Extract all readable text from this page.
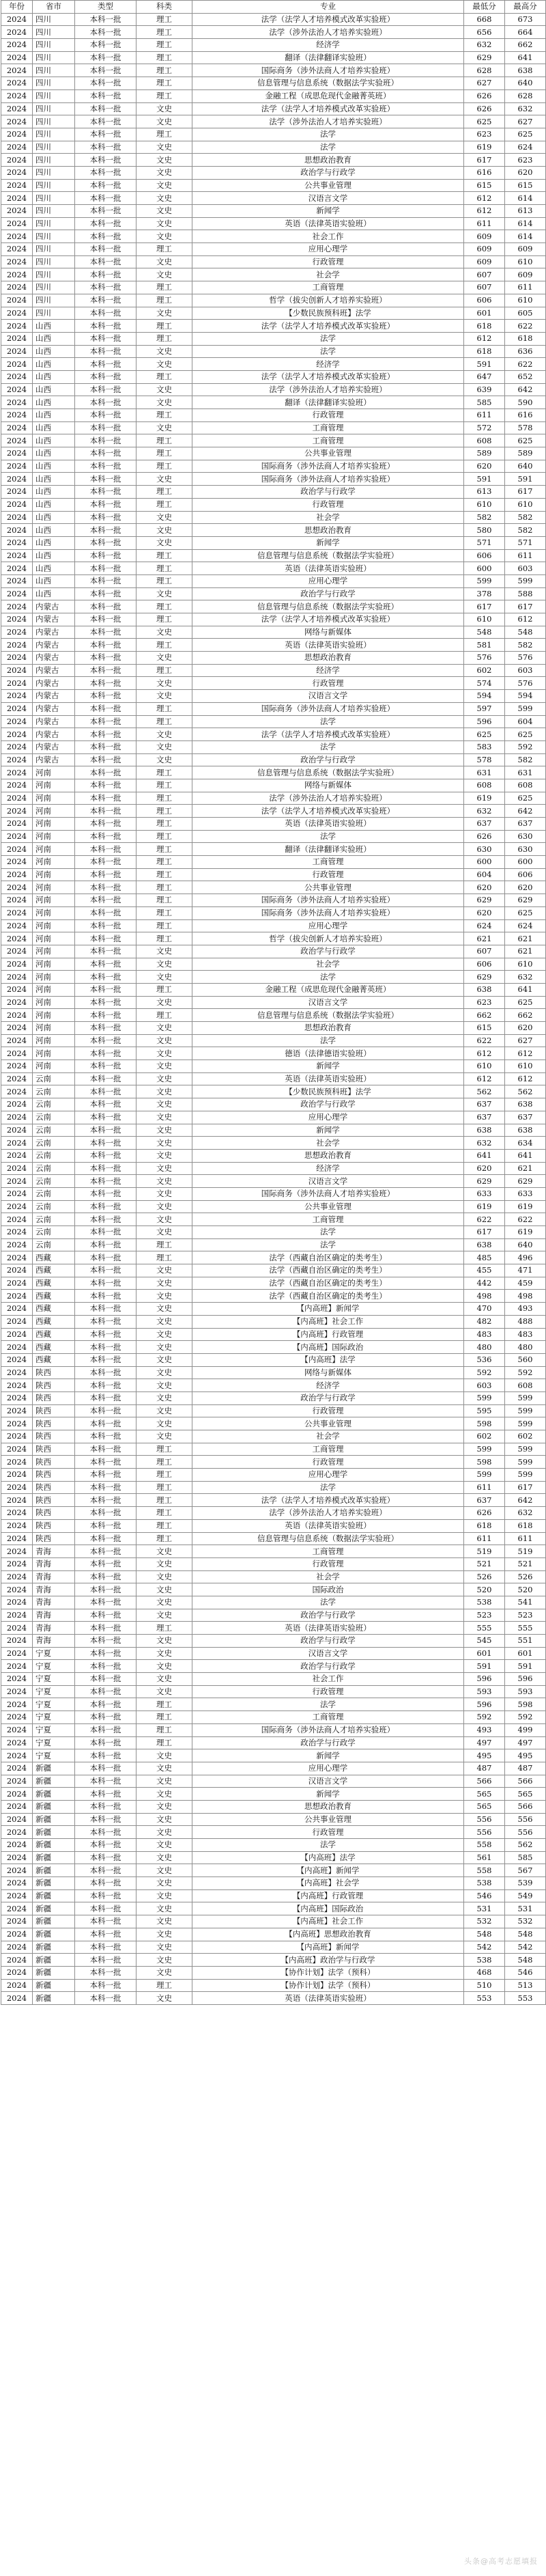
年份	省市	类型	科类	专业	最低分	最高分
2024	四川	本科一批	理工	法学（法学人才培养模式改革实验班）	668	673
2024	四川	本科一批	理工	法学（涉外法治人才培养实验班）	656	664
2024	四川	本科一批	理工	经济学	632	662
2024	四川	本科一批	理工	翻译（法律翻译实验班）	629	641
2024	四川	本科一批	理工	国际商务（涉外法商人才培养实验班）	628	638
2024	四川	本科一批	理工	信息管理与信息系统（数据法学实验班）	627	640
2024	四川	本科一批	理工	金融工程（成思危现代金融菁英班）	626	628
2024	四川	本科一批	文史	法学（法学人才培养模式改革实验班）	626	632
2024	四川	本科一批	文史	法学（涉外法治人才培养实验班）	625	627
2024	四川	本科一批	理工	法学	623	625
2024	四川	本科一批	文史	法学	619	624
2024	四川	本科一批	文史	思想政治教育	617	623
2024	四川	本科一批	文史	政治学与行政学	616	620
2024	四川	本科一批	文史	公共事业管理	615	615
2024	四川	本科一批	文史	汉语言文学	612	614
2024	四川	本科一批	文史	新闻学	612	613
2024	四川	本科一批	文史	英语（法律英语实验班）	611	614
2024	四川	本科一批	文史	社会工作	609	614
2024	四川	本科一批	理工	应用心理学	609	609
2024	四川	本科一批	文史	行政管理	609	610
2024	四川	本科一批	文史	社会学	607	609
2024	四川	本科一批	理工	工商管理	607	611
2024	四川	本科一批	理工	哲学（拔尖创新人才培养实验班）	606	610
2024	四川	本科一批	文史	【少数民族预科班】法学	601	605
2024	山西	本科一批	理工	法学（法学人才培养模式改革实验班）	618	622
2024	山西	本科一批	理工	法学	612	618
2024	山西	本科一批	文史	法学	618	636
2024	山西	本科一批	文史	经济学	591	622
2024	山西	本科一批	理工	法学（法学人才培养模式改革实验班）	647	652
2024	山西	本科一批	文史	法学（涉外法治人才培养实验班）	639	642
2024	山西	本科一批	文史	翻译（法律翻译实验班）	585	590
2024	山西	本科一批	理工	行政管理	611	616
2024	山西	本科一批	文史	工商管理	572	578
2024	山西	本科一批	理工	工商管理	608	625
2024	山西	本科一批	理工	公共事业管理	589	589
2024	山西	本科一批	理工	国际商务（涉外法商人才培养实验班）	620	640
2024	山西	本科一批	文史	国际商务（涉外法商人才培养实验班）	591	591
2024	山西	本科一批	理工	政治学与行政学	613	617
2024	山西	本科一批	理工	行政管理	610	610
2024	山西	本科一批	文史	社会学	582	582
2024	山西	本科一批	文史	思想政治教育	580	582
2024	山西	本科一批	文史	新闻学	571	571
2024	山西	本科一批	理工	信息管理与信息系统（数据法学实验班）	606	611
2024	山西	本科一批	理工	英语（法律英语实验班）	600	603
2024	山西	本科一批	理工	应用心理学	599	599
2024	山西	本科一批	文史	政治学与行政学	378	588
2024	内蒙古	本科一批	理工	信息管理与信息系统（数据法学实验班）	617	617
2024	内蒙古	本科一批	理工	法学（法学人才培养模式改革实验班）	610	612
2024	内蒙古	本科一批	文史	网络与新媒体	548	548
2024	内蒙古	本科一批	理工	英语（法律英语实验班）	581	582
2024	内蒙古	本科一批	文史	思想政治教育	576	576
2024	内蒙古	本科一批	理工	经济学	602	603
2024	内蒙古	本科一批	文史	行政管理	574	576
2024	内蒙古	本科一批	文史	汉语言文学	594	594
2024	内蒙古	本科一批	理工	国际商务（涉外法商人才培养实验班）	597	599
2024	内蒙古	本科一批	理工	法学	596	604
2024	内蒙古	本科一批	文史	法学（法学人才培养模式改革实验班）	625	625
2024	内蒙古	本科一批	文史	法学	583	592
2024	内蒙古	本科一批	文史	政治学与行政学	578	582
2024	河南	本科一批	理工	信息管理与信息系统（数据法学实验班）	631	631
2024	河南	本科一批	理工	网络与新媒体	608	608
2024	河南	本科一批	理工	法学（涉外法治人才培养实验班）	619	625
2024	河南	本科一批	理工	法学（法学人才培养模式改革实验班）	632	642
2024	河南	本科一批	理工	英语（法律英语实验班）	637	637
2024	河南	本科一批	理工	法学	626	630
2024	河南	本科一批	理工	翻译（法律翻译实验班）	630	630
2024	河南	本科一批	理工	工商管理	600	600
2024	河南	本科一批	理工	行政管理	604	606
2024	河南	本科一批	理工	公共事业管理	620	620
2024	河南	本科一批	理工	国际商务（涉外法商人才培养实验班）	629	629
2024	河南	本科一批	理工	国际商务（涉外法商人才培养实验班）	620	625
2024	河南	本科一批	理工	应用心理学	624	624
2024	河南	本科一批	理工	哲学（拔尖创新人才培养实验班）	621	621
2024	河南	本科一批	文史	政治学与行政学	607	621
2024	河南	本科一批	文史	社会学	606	610
2024	河南	本科一批	文史	法学	629	632
2024	河南	本科一批	理工	金融工程（成思危现代金融菁英班）	638	641
2024	河南	本科一批	文史	汉语言文学	623	625
2024	河南	本科一批	理工	信息管理与信息系统（数据法学实验班）	662	662
2024	河南	本科一批	文史	思想政治教育	615	620
2024	河南	本科一批	文史	法学	622	627
2024	河南	本科一批	文史	德语（法律德语实验班）	612	612
2024	河南	本科一批	文史	新闻学	610	610
2024	云南	本科一批	文史	英语（法律英语实验班）	612	612
2024	云南	本科一批	文史	【少数民族预科班】法学	562	562
2024	云南	本科一批	文史	政治学与行政学	637	638
2024	云南	本科一批	文史	应用心理学	637	637
2024	云南	本科一批	文史	新闻学	638	638
2024	云南	本科一批	文史	社会学	632	634
2024	云南	本科一批	文史	思想政治教育	641	641
2024	云南	本科一批	文史	经济学	620	621
2024	云南	本科一批	文史	汉语言文学	629	629
2024	云南	本科一批	文史	国际商务（涉外法商人才培养实验班）	633	633
2024	云南	本科一批	文史	公共事业管理	619	619
2024	云南	本科一批	文史	工商管理	622	622
2024	云南	本科一批	文史	法学	617	619
2024	云南	本科一批	理工	法学	638	640
2024	西藏	本科一批	理工	法学（西藏自治区确定的类考生）	485	496
2024	西藏	本科一批	文史	法学（西藏自治区确定的类考生）	455	471
2024	西藏	本科一批	文史	法学（西藏自治区确定的类考生）	442	459
2024	西藏	本科一批	文史	法学（西藏自治区确定的类考生）	498	498
2024	西藏	本科一批	文史	【内高班】新闻学	470	493
2024	西藏	本科一批	文史	【内高班】社会工作	482	488
2024	西藏	本科一批	文史	【内高班】行政管理	483	483
2024	西藏	本科一批	文史	【内高班】国际政治	480	480
2024	西藏	本科一批	文史	【内高班】法学	536	560
2024	陕西	本科一批	文史	网络与新媒体	592	592
2024	陕西	本科一批	文史	经济学	603	608
2024	陕西	本科一批	文史	政治学与行政学	599	599
2024	陕西	本科一批	文史	行政管理	595	599
2024	陕西	本科一批	文史	公共事业管理	598	599
2024	陕西	本科一批	文史	社会学	602	602
2024	陕西	本科一批	理工	工商管理	599	599
2024	陕西	本科一批	理工	行政管理	598	599
2024	陕西	本科一批	理工	应用心理学	599	599
2024	陕西	本科一批	理工	法学	611	617
2024	陕西	本科一批	理工	法学（法学人才培养模式改革实验班）	637	642
2024	陕西	本科一批	理工	法学（涉外法治人才培养实验班）	626	632
2024	陕西	本科一批	理工	英语（法律英语实验班）	618	618
2024	陕西	本科一批	理工	信息管理与信息系统（数据法学实验班）	611	611
2024	青海	本科一批	文史	工商管理	519	519
2024	青海	本科一批	文史	行政管理	521	521
2024	青海	本科一批	文史	社会学	526	526
2024	青海	本科一批	文史	国际政治	520	520
2024	青海	本科一批	文史	法学	538	541
2024	青海	本科一批	文史	政治学与行政学	523	523
2024	青海	本科一批	理工	英语（法律英语实验班）	555	555
2024	青海	本科一批	文史	政治学与行政学	545	551
2024	宁夏	本科一批	文史	汉语言文学	601	601
2024	宁夏	本科一批	文史	政治学与行政学	591	591
2024	宁夏	本科一批	文史	社会工作	596	596
2024	宁夏	本科一批	文史	行政管理	593	593
2024	宁夏	本科一批	理工	法学	596	598
2024	宁夏	本科一批	理工	工商管理	592	592
2024	宁夏	本科一批	理工	国际商务（涉外法商人才培养实验班）	493	499
2024	宁夏	本科一批	理工	政治学与行政学	497	497
2024	宁夏	本科一批	文史	新闻学	495	495
2024	新疆	本科一批	文史	应用心理学	487	487
2024	新疆	本科一批	文史	汉语言文学	566	566
2024	新疆	本科一批	文史	新闻学	565	565
2024	新疆	本科一批	文史	思想政治教育	565	566
2024	新疆	本科一批	文史	公共事业管理	556	556
2024	新疆	本科一批	文史	行政管理	556	556
2024	新疆	本科一批	文史	法学	558	562
2024	新疆	本科一批	文史	【内高班】法学	561	585
2024	新疆	本科一批	文史	【内高班】新闻学	558	567
2024	新疆	本科一批	文史	【内高班】社会学	538	539
2024	新疆	本科一批	文史	【内高班】行政管理	546	549
2024	新疆	本科一批	文史	【内高班】国际政治	531	531
2024	新疆	本科一批	文史	【内高班】社会工作	532	532
2024	新疆	本科一批	文史	【内高班】思想政治教育	548	548
2024	新疆	本科一批	文史	【内高班】新闻学	542	542
2024	新疆	本科一批	文史	【内高班】政治学与行政学	538	548
2024	新疆	本科一批	文史	【协作计划】法学（预科）	468	546
2024	新疆	本科一批	理工	【协作计划】法学（预科）	510	513
2024	新疆	本科一批	文史	英语（法律英语实验班）	553	553
头条@高考志愿填报
